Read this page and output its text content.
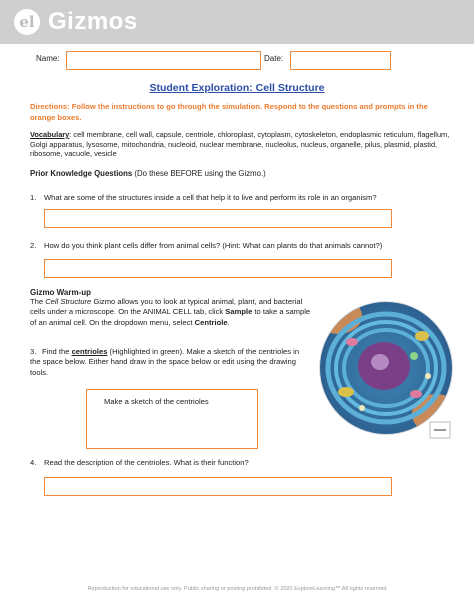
el Gizmos
Name:	Date:
Student Exploration: Cell Structure
Directions: Follow the instructions to go through the simulation. Respond to the questions and prompts in the orange boxes.
Vocabulary: cell membrane, cell wall, capsule, centriole, chloroplast, cytoplasm, cytoskeleton, endoplasmic reticulum, flagellum, Golgi apparatus, lysosome, mitochondria, nucleoid, nuclear membrane, nucleolus, nucleus, organelle, pilus, plasmid, plastid, ribosome, vacuole, vesicle
Prior Knowledge Questions (Do these BEFORE using the Gizmo.)
1. What are some of the structures inside a cell that help it to live and perform its role in an organism?
2. How do you think plant cells differ from animal cells? (Hint: What can plants do that animals cannot?)
Gizmo Warm-up
The Cell Structure Gizmo allows you to look at typical animal, plant, and bacterial cells under a microscope. On the ANIMAL CELL tab, click Sample to take a sample of an animal cell. On the dropdown menu, select Centriole.
3. Find the centrioles (Highlighted in green). Make a sketch of the centrioles in the space below. Either hand draw in the space below or edit using the drawing tools.
Make a sketch of the centrioles
4. Read the description of the centrioles. What is their function?
Reproduction for educational use only. Public sharing or posting prohibited. © 2020 ExploreLearning™ All rights reserved
